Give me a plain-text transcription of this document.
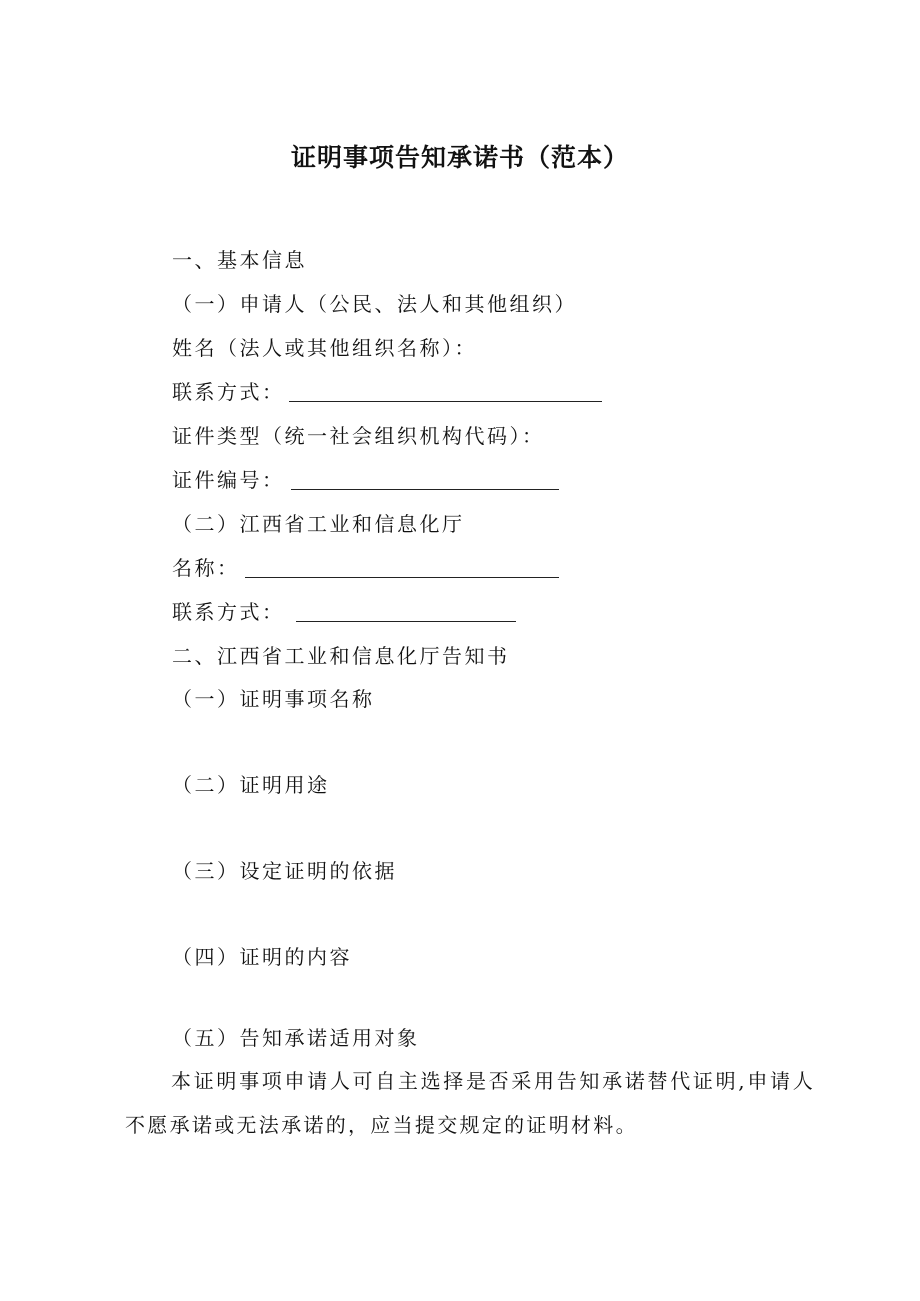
证明事项告知承诺书（范本）
一、基本信息
（一）申请人（公民、法人和其他组织）
姓名（法人或其他组织名称）：
联系方式：
证件类型（统一社会组织机构代码）：
证件编号：
（二）江西省工业和信息化厅
名称：
联系方式：
二、江西省工业和信息化厅告知书
（一）证明事项名称
（二）证明用途
（三）设定证明的依据
（四）证明的内容
（五）告知承诺适用对象
本证明事项申请人可自主选择是否采用告知承诺替代证明,申请人不愿承诺或无法承诺的，应当提交规定的证明材料。
